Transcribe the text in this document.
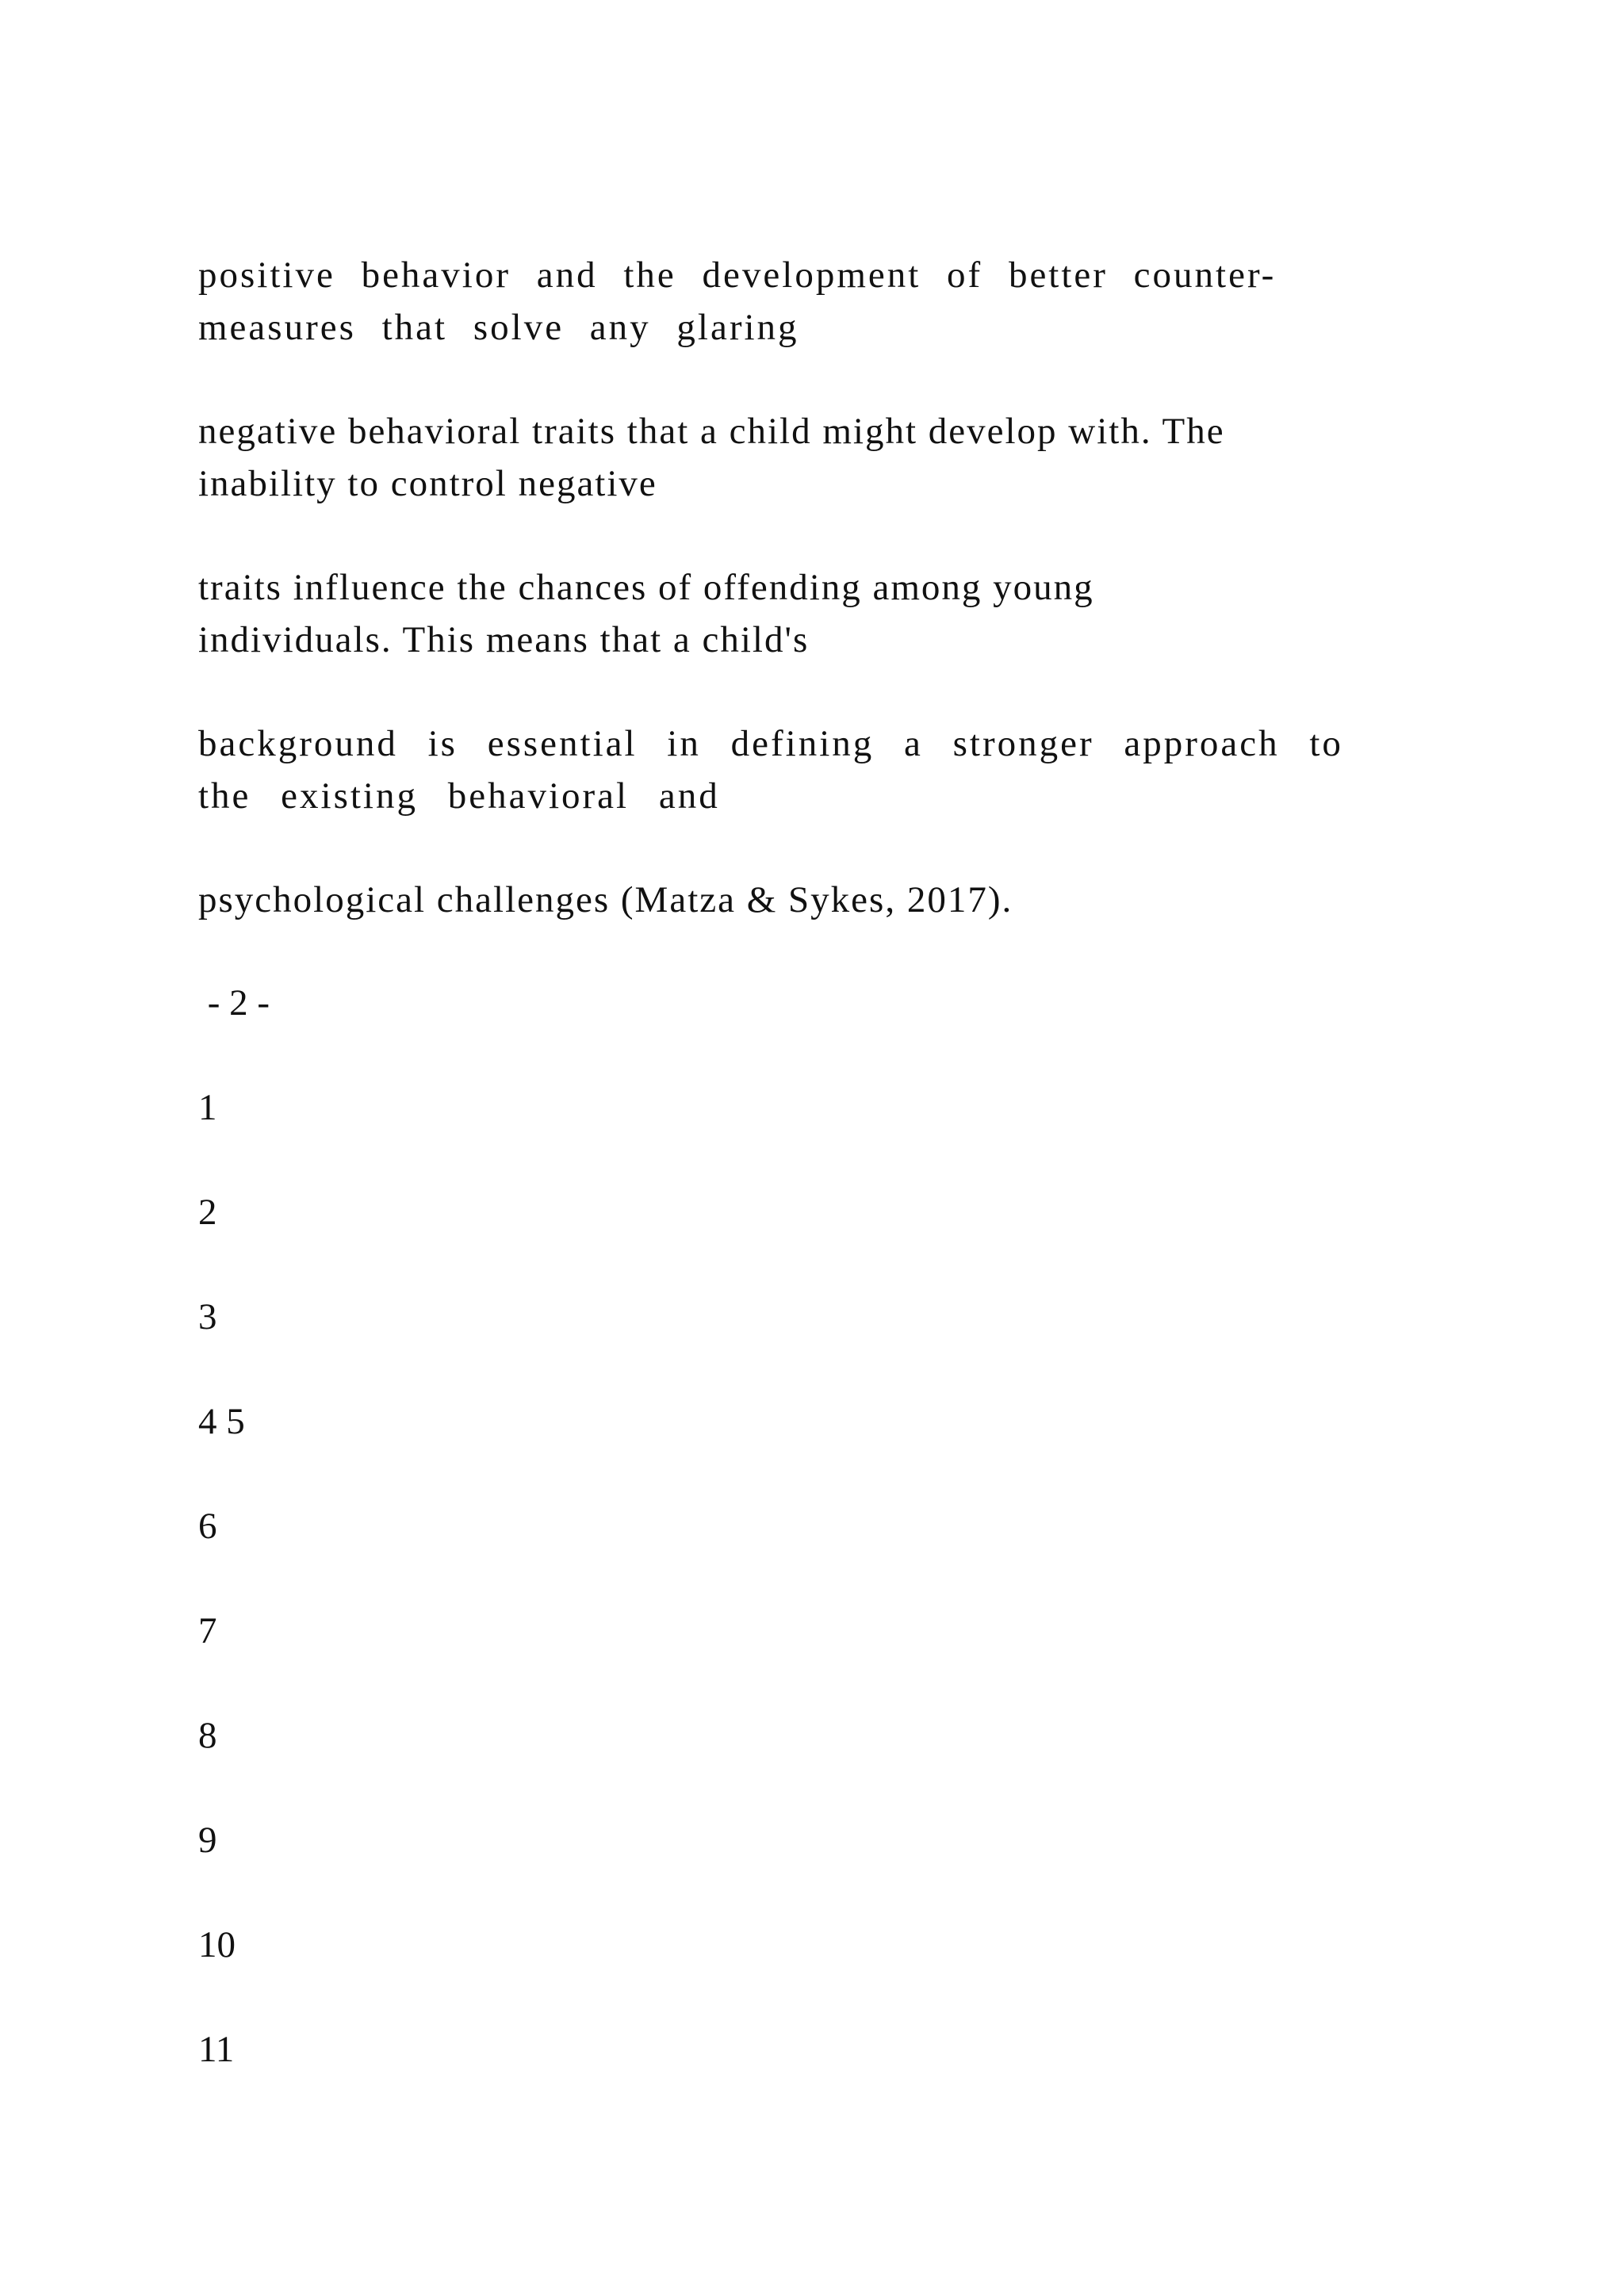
positive behavior and the development of better counter-
measures that solve any glaring

negative behavioral traits that a child might develop with. The
inability to control negative

traits influence the chances of offending among young
individuals. This means that a child's

background is essential in defining a stronger approach to
the existing behavioral and

psychological challenges (Matza & Sykes, 2017).

- 2 -

1

2

3

4 5

6

7

8

9

10

11
